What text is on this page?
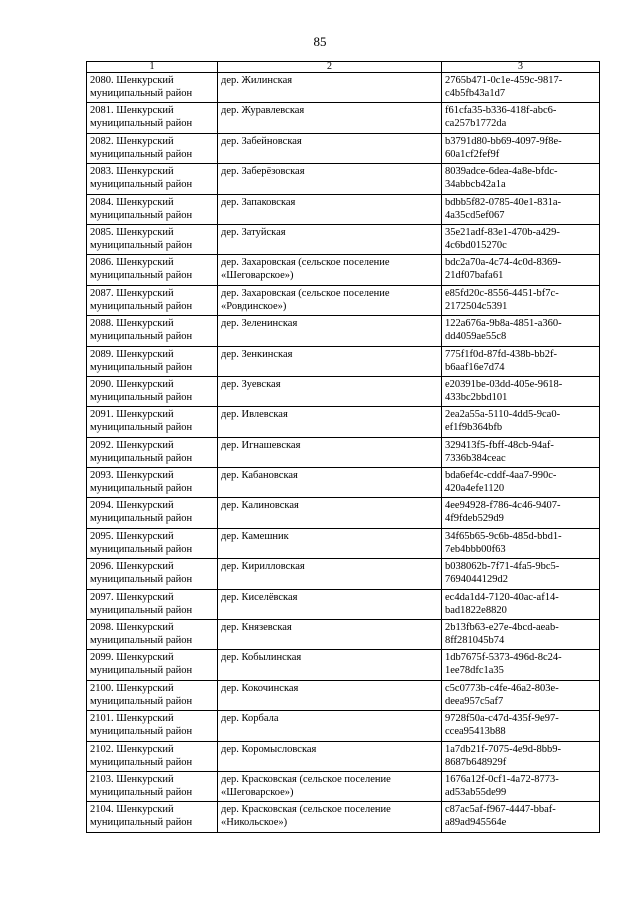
85
1	2	3

2080. Шенкурский
муниципальный район	дер. Жилинская	2765b471-0c1e-459c-9817-
c4b5fb43a1d7

2081. Шенкурский
муниципальный район	дер. Журавлевская	f61cfa35-b336-418f-abc6-
ca257b1772da

2082. Шенкурский
муниципальный район	дер. Забейновская	b3791d80-bb69-4097-9f8e-
60a1cf2fef9f

2083. Шенкурский
муниципальный район	дер. Заберёзовская	8039adce-6dea-4a8e-bfdc-
34abbcb42a1a

2084. Шенкурский
муниципальный район	дер. Запаковская	bdbb5f82-0785-40e1-831a-
4a35cd5ef067

2085. Шенкурский
муниципальный район	дер. Затуйская	35e21adf-83e1-470b-a429-
4c6bd015270c

2086. Шенкурский
муниципальный район	дер. Захаровская (сельское поселение
«Шеговарское»)	bdc2a70a-4c74-4c0d-8369-
21df07bafa61

2087. Шенкурский
муниципальный район	дер. Захаровская (сельское поселение
«Ровдинское»)	e85fd20c-8556-4451-bf7c-
2172504c5391

2088. Шенкурский
муниципальный район	дер. Зеленинская	122a676a-9b8a-4851-a360-
dd4059ae55c8

2089. Шенкурский
муниципальный район	дер. Зенкинская	775f1f0d-87fd-438b-bb2f-
b6aaf16e7d74

2090. Шенкурский
муниципальный район	дер. Зуевская	e20391be-03dd-405e-9618-
433bc2bbd101

2091. Шенкурский
муниципальный район	дер. Ивлевская	2ea2a55a-5110-4dd5-9ca0-
ef1f9b364bfb

2092. Шенкурский
муниципальный район	дер. Игнашевская	329413f5-fbff-48cb-94af-
7336b384ceac

2093. Шенкурский
муниципальный район	дер. Кабановская	bda6ef4c-cddf-4aa7-990c-
420a4efe1120

2094. Шенкурский
муниципальный район	дер. Калиновская	4ee94928-f786-4c46-9407-
4f9fdeb529d9

2095. Шенкурский
муниципальный район	дер. Камешник	34f65b65-9c6b-485d-bbd1-
7eb4bbb00f63

2096. Шенкурский
муниципальный район	дер. Кирилловская	b038062b-7f71-4fa5-9bc5-
7694044129d2

2097. Шенкурский
муниципальный район	дер. Киселёвская	ec4da1d4-7120-40ac-af14-
bad1822e8820

2098. Шенкурский
муниципальный район	дер. Князевская	2b13fb63-e27e-4bcd-aeab-
8ff281045b74

2099. Шенкурский
муниципальный район	дер. Кобылинская	1db7675f-5373-496d-8c24-
1ee78dfc1a35

2100. Шенкурский
муниципальный район	дер. Кокочинская	c5c0773b-c4fe-46a2-803e-
deea957c5af7

2101. Шенкурский
муниципальный район	дер. Корбала	9728f50a-c47d-435f-9e97-
ccea95413b88

2102. Шенкурский
муниципальный район	дер. Коромысловская	1a7db21f-7075-4e9d-8bb9-
8687b648929f

2103. Шенкурский
муниципальный район	дер. Красковская (сельское поселение
«Шеговарское»)	1676a12f-0cf1-4a72-8773-
ad53ab55de99

2104. Шенкурский
муниципальный район	дер. Красковская (сельское поселение
«Никольское»)	c87ac5af-f967-4447-bbaf-
a89ad945564e
